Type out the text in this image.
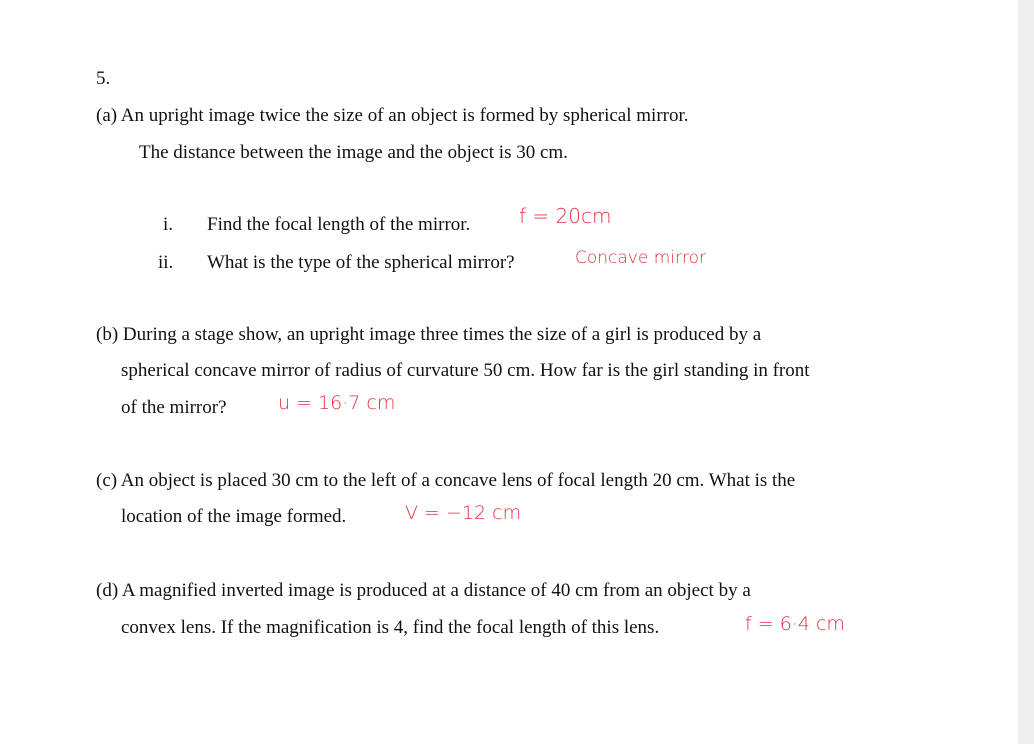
5.
(a) An upright image twice the size of an object is formed by spherical mirror.
The distance between the image and the object is 30 cm.
i. Find the focal length of the mirror. f = 20cm
ii. What is the type of the spherical mirror?	Concave mirror
(b) During a stage show, an upright image three times the size of a girl is produced by a
spherical concave mirror of radius of curvature 50 cm. How far is the girl standing in front
of the mirror?	u = 16·7 cm
(c) An object is placed 30 cm to the left of a concave lens of focal length 20 cm. What is the
location of the image formed.	V = −12 cm
(d) A magnified inverted image is produced at a distance of 40 cm from an object by a
convex lens. If the magnification is 4, find the focal length of this lens.	f = 6·4 cm
